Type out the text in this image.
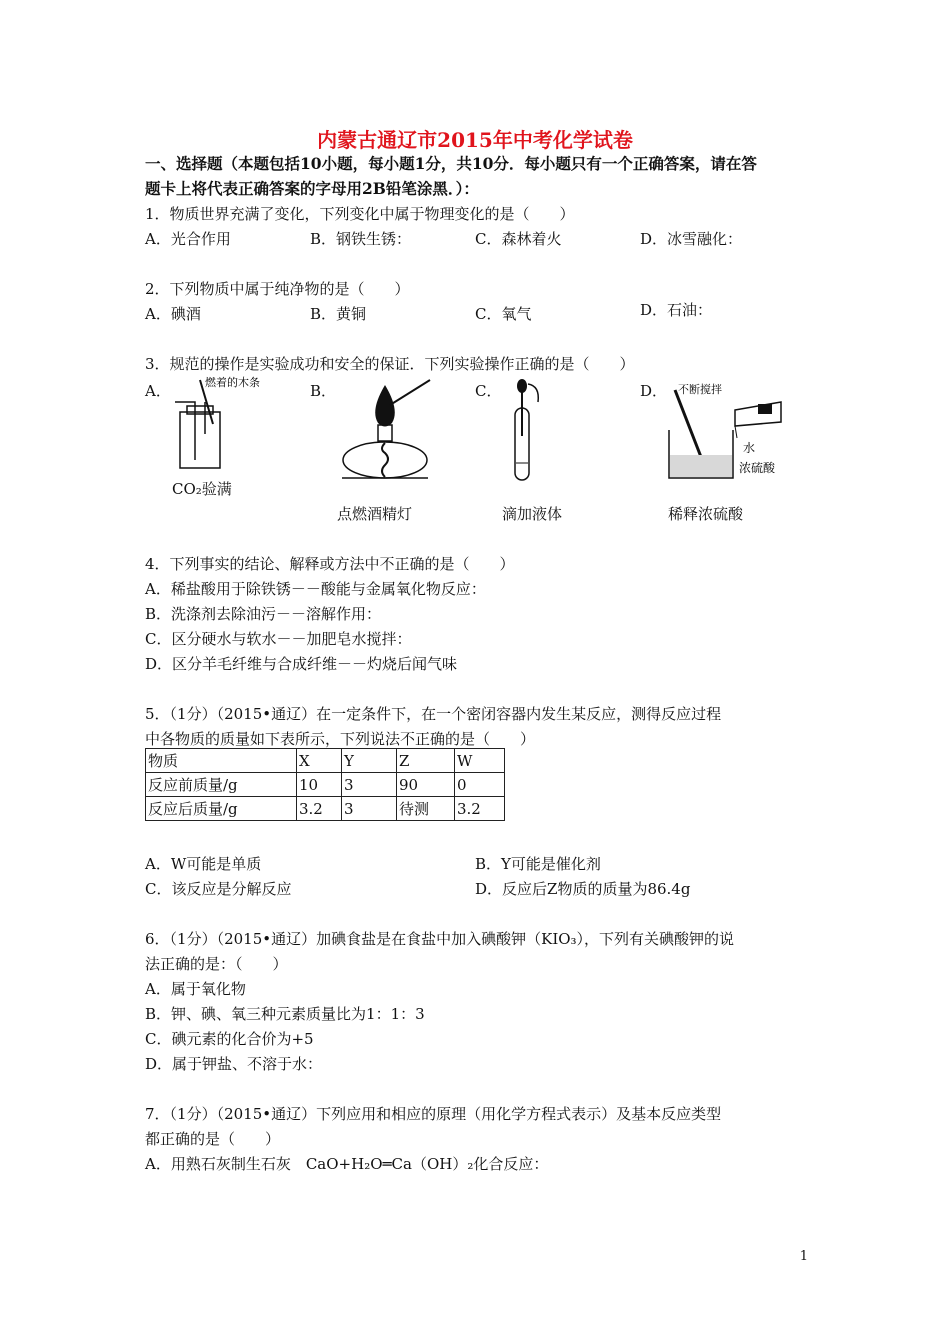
内蒙古通辽市2015年中考化学试卷
一、选择题（本题包括10小题，每小题1分，共10分．每小题只有一个正确答案，请在答
题卡上将代表正确答案的字母用2B铅笔涂黑．）：
1．物质世界充满了变化，下列变化中属于物理变化的是（　　）
A．光合作用	B．钢铁生锈：	C．森林着火	D．冰雪融化：
2．下列物质中属于纯净物的是（　　）
A．碘酒	B．黄铜	C．氧气	D．石油：
3．规范的操作是实验成功和安全的保证．下列实验操作正确的是（　　）
A．	B．	C．	D．
燃着的木条
CO₂验满
点燃酒精灯	滴加液体
不断搅拌
水
浓硫酸
稀释浓硫酸
4．下列事实的结论、解释或方法中不正确的是（　　）
A．稀盐酸用于除铁锈－－酸能与金属氧化物反应：
B．洗涤剂去除油污－－溶解作用：
C．区分硬水与软水－－加肥皂水搅拌：
D．区分羊毛纤维与合成纤维－－灼烧后闻气味
5．（1分）（2015•通辽）在一定条件下，在一个密闭容器内发生某反应，测得反应过程
中各物质的质量如下表所示，下列说法不正确的是（　　）
物质	X	Y	Z	W
反应前质量/g	10	3	90	0
反应后质量/g	3.2	3	待测	3.2
A．W可能是单质	B．Y可能是催化剂
C．该反应是分解反应	D．反应后Z物质的质量为86.4g
6．（1分）（2015•通辽）加碘食盐是在食盐中加入碘酸钾（KIO₃），下列有关碘酸钾的说
法正确的是：（　　）
A．属于氧化物
B．钾、碘、氧三种元素质量比为1：1：3
C．碘元素的化合价为+5
D．属于钾盐、不溶于水：
7．（1分）（2015•通辽）下列应用和相应的原理（用化学方程式表示）及基本反应类型
都正确的是（　　）
A．用熟石灰制生石灰　CaO+H₂O═Ca（OH）₂化合反应：
1
